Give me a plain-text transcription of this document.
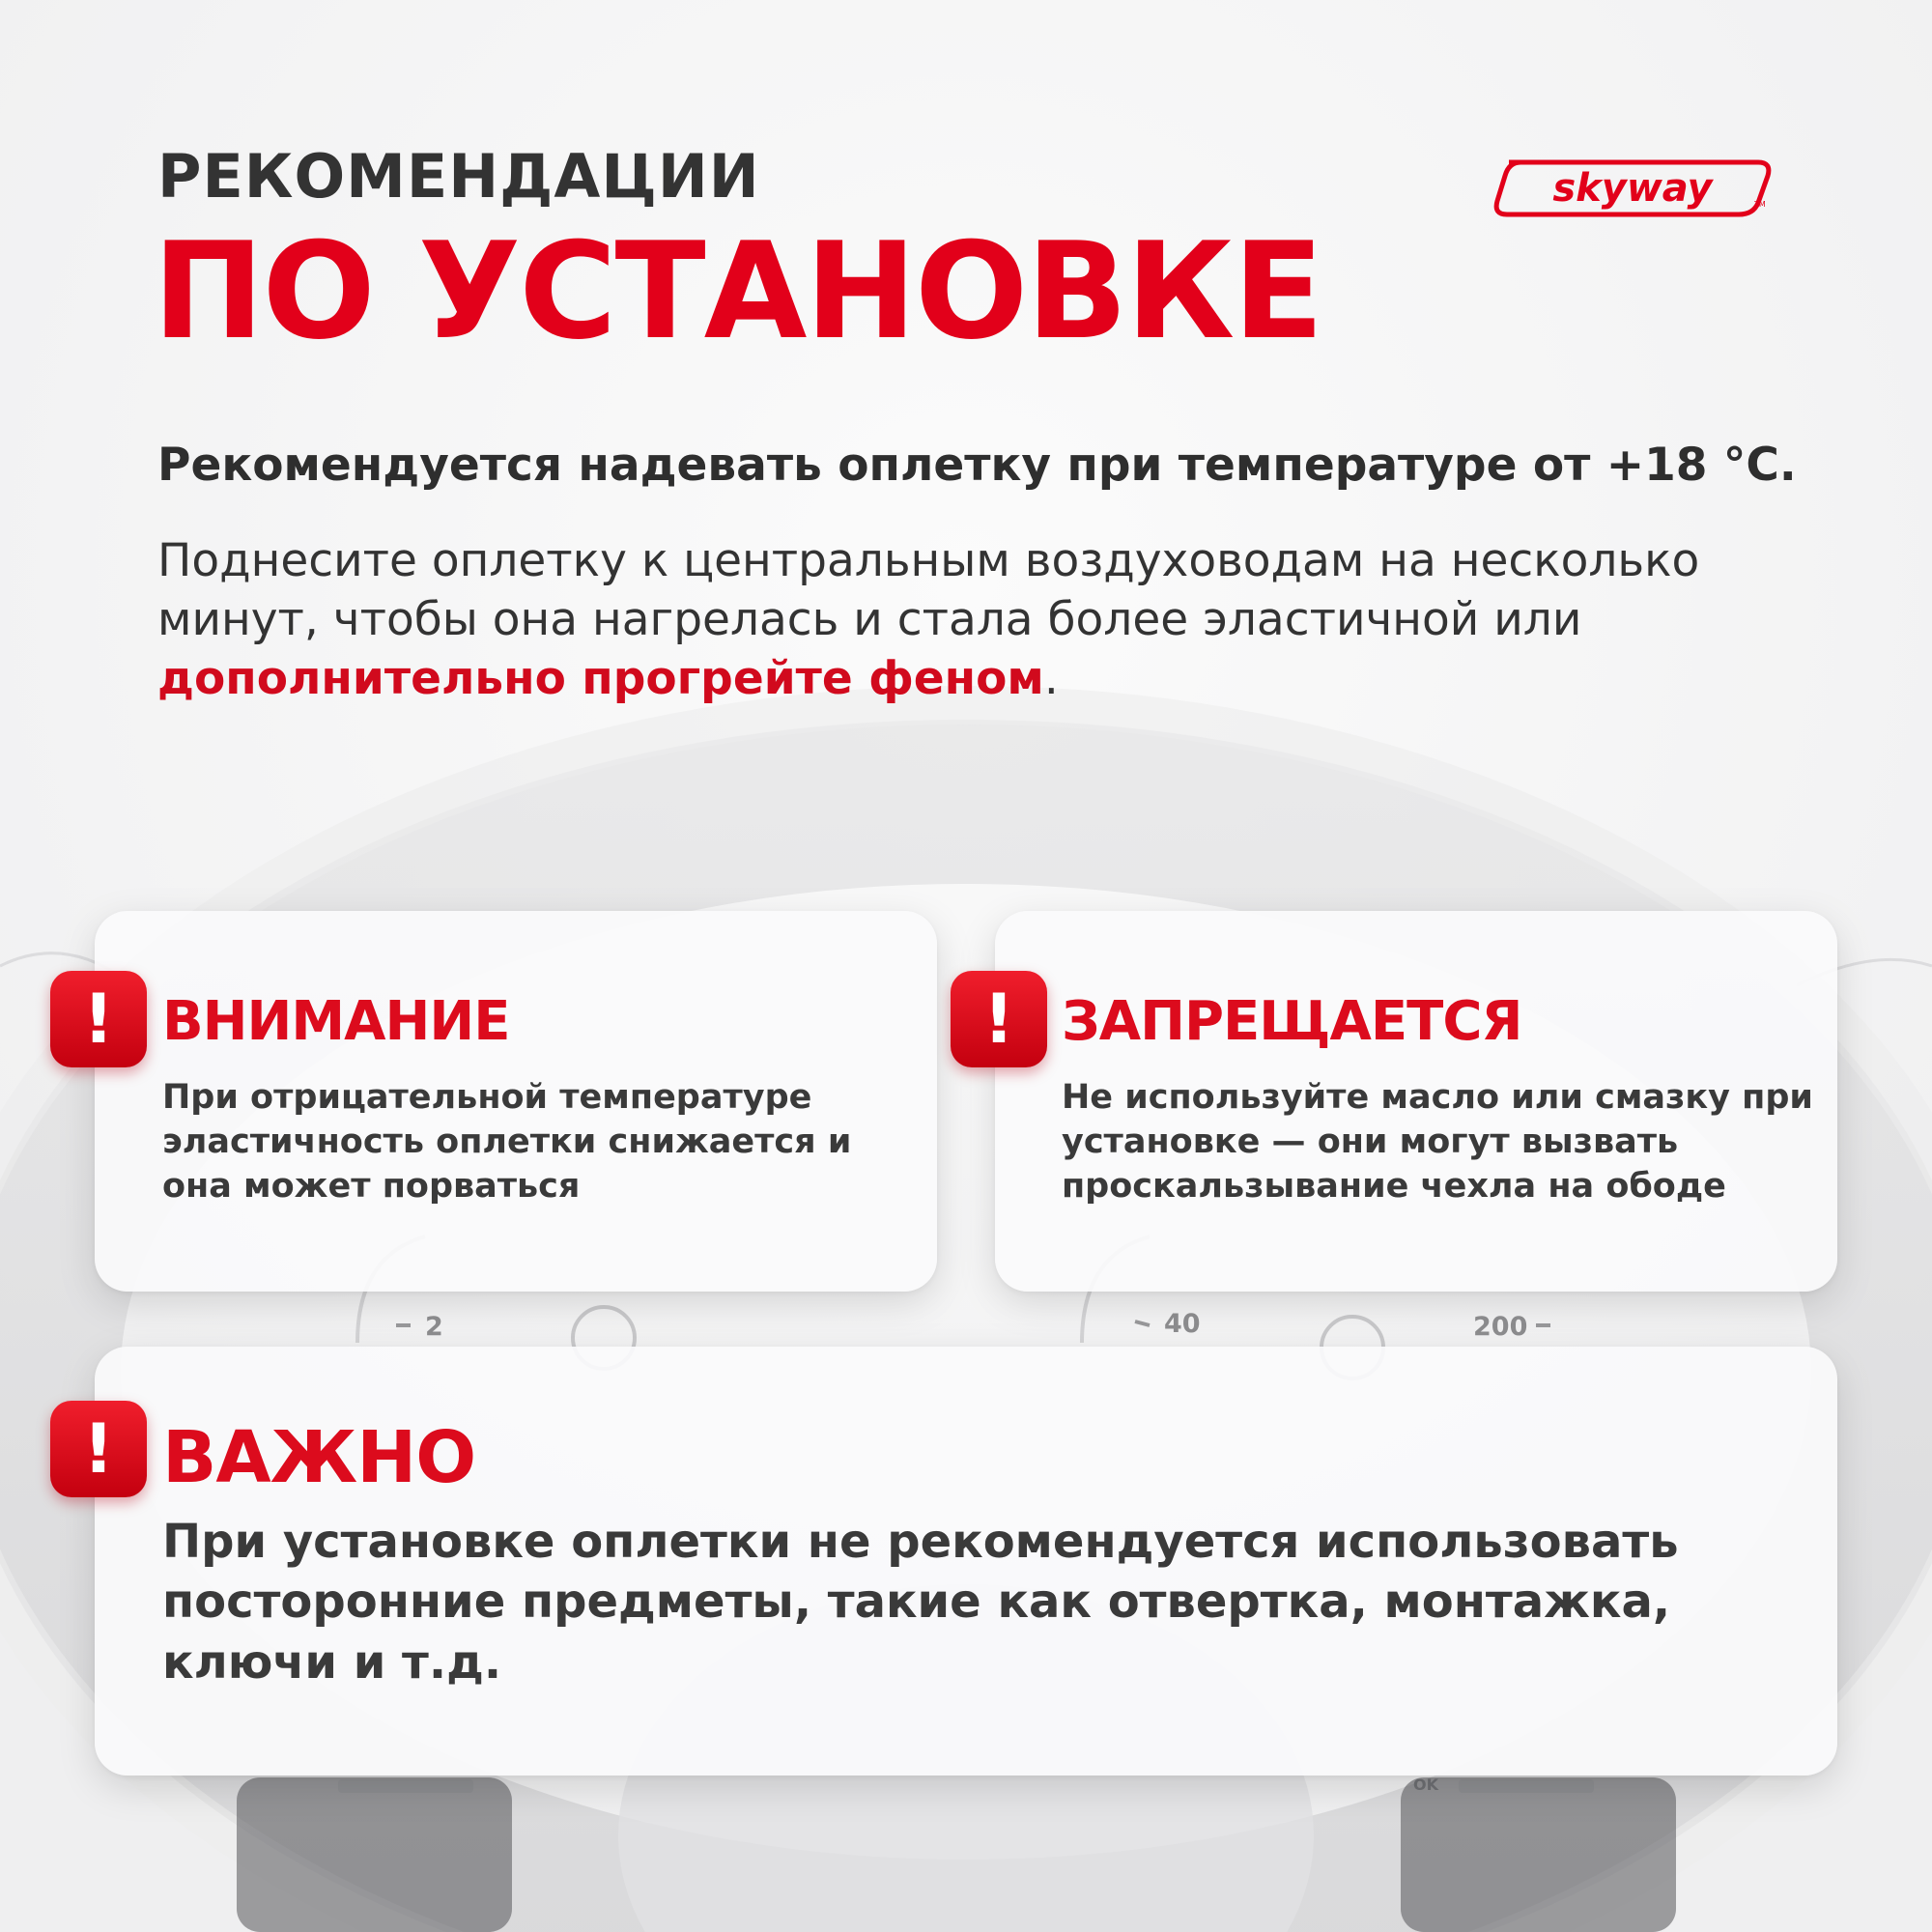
2	40	200
OK
РЕКОМЕНДАЦИИ
ПО УСТАНОВКЕ
skyway	TM
Рекомендуется надевать оплетку при температуре от +18 °C.
Поднесите оплетку к центральным воздуховодам на несколько минут, чтобы она нагрелась и стала более эластичной или дополнительно прогрейте феном.
! ВНИМАНИЕ
При отрицательной температуре эластичность оплетки снижается и она может порваться
! ЗАПРЕЩАЕТСЯ
Не используйте масло или смазку при установке — они могут вызвать проскальзывание чехла на ободе
! ВАЖНО
При установке оплетки не рекомендуется использовать посторонние предметы, такие как отвертка, монтажка, ключи и т.д.
